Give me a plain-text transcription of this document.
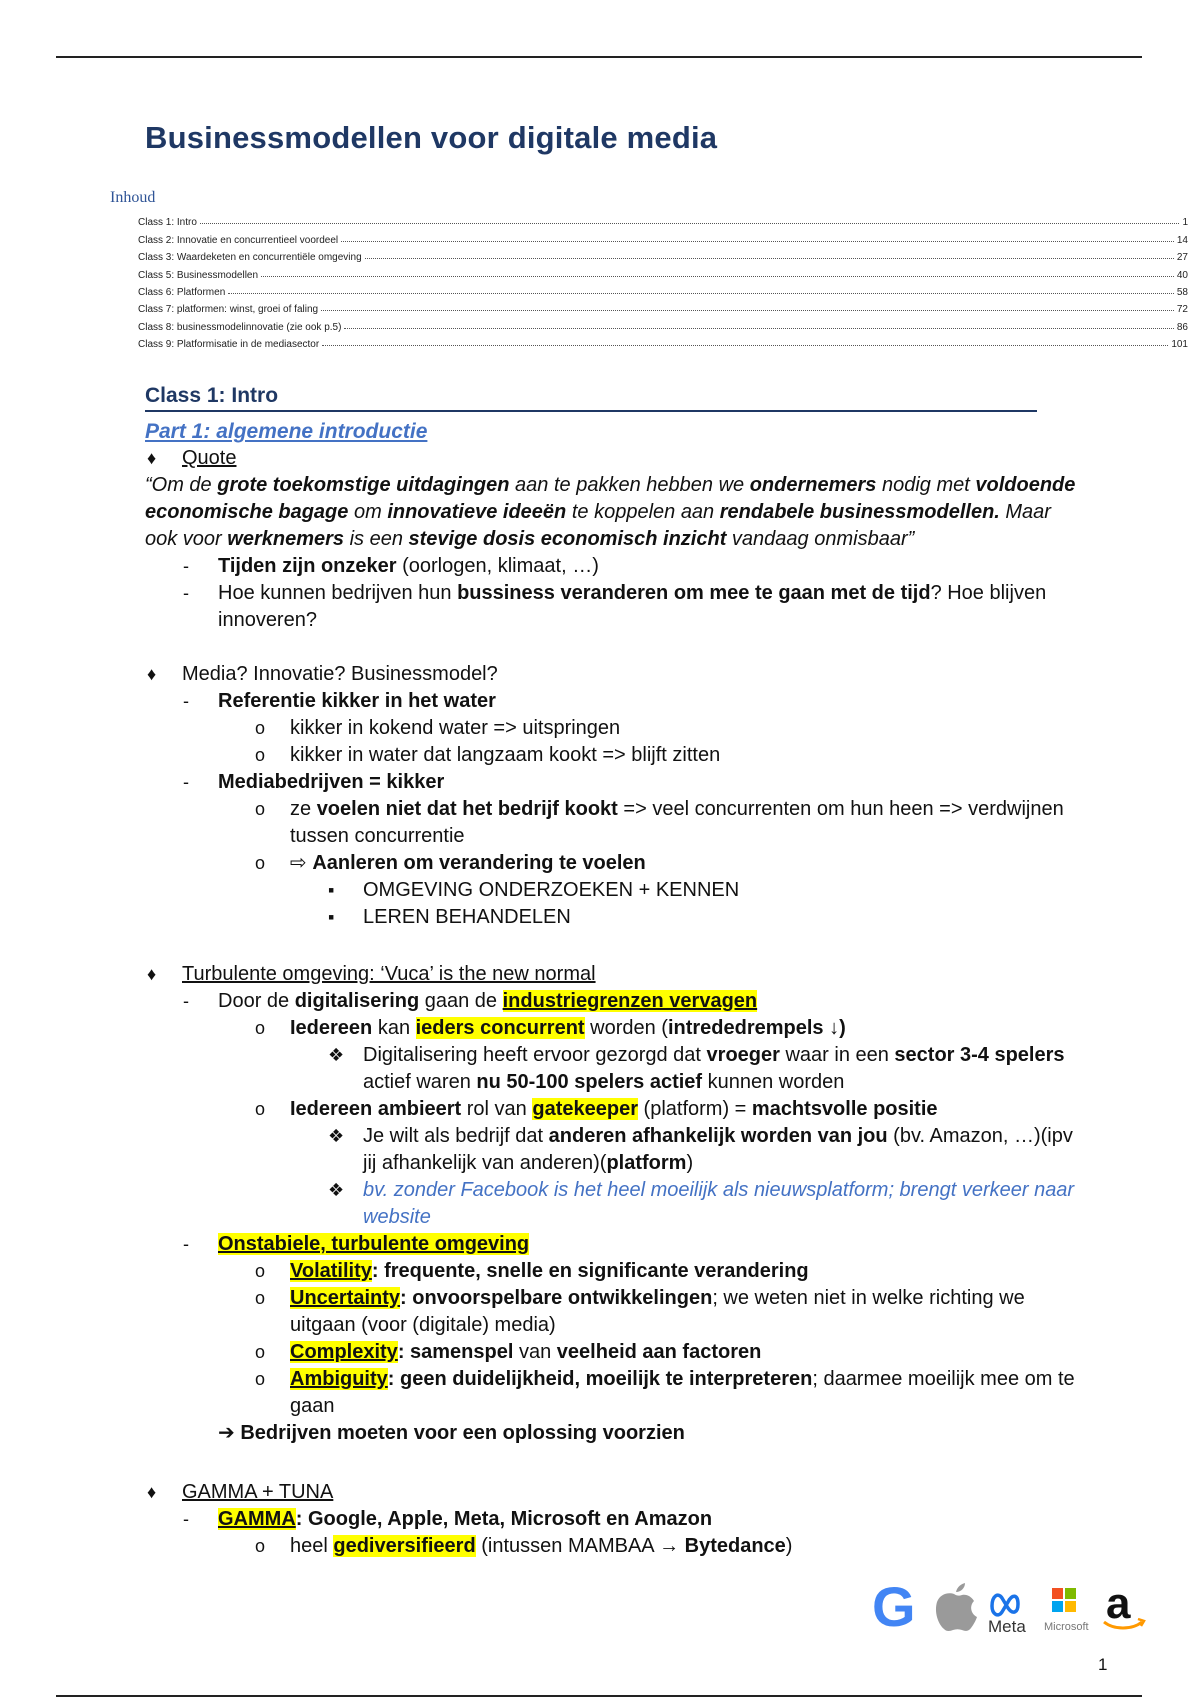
Businessmodellen voor digitale media
Inhoud
Class 1: Intro	1
Class 2: Innovatie en concurrentieel voordeel	14
Class 3: Waardeketen en concurrentiële omgeving	27
Class 5: Businessmodellen	40
Class 6: Platformen	58
Class 7: platformen: winst, groei of faling	72
Class 8: businessmodelinnovatie (zie ook p.5)	86
Class 9: Platformisatie in de mediasector	101
Class 1: Intro
Part 1: algemene introductie
♦ Quote
“Om de grote toekomstige uitdagingen aan te pakken hebben we ondernemers nodig met voldoende economische bagage om innovatieve ideeën te koppelen aan rendabele businessmodellen. Maar ook voor werknemers is een stevige dosis economisch inzicht vandaag onmisbaar”
- Tijden zijn onzeker (oorlogen, klimaat, …)
- Hoe kunnen bedrijven hun bussiness veranderen om mee te gaan met de tijd? Hoe blijven innoveren?
♦ Media? Innovatie? Businessmodel?
- Referentie kikker in het water
o kikker in kokend water => uitspringen
o kikker in water dat langzaam kookt => blijft zitten
- Mediabedrijven = kikker
o ze voelen niet dat het bedrijf kookt => veel concurrenten om hun heen => verdwijnen tussen concurrentie
o ⇨ Aanleren om verandering te voelen
▪ OMGEVING ONDERZOEKEN + KENNEN
▪ LEREN BEHANDELEN
♦ Turbulente omgeving: ‘Vuca’ is the new normal
- Door de digitalisering gaan de industriegrenzen vervagen
o Iedereen kan ieders concurrent worden (intrededrempels ↓)
❖ Digitalisering heeft ervoor gezorgd dat vroeger waar in een sector 3-4 spelers actief waren nu 50-100 spelers actief kunnen worden
o Iedereen ambieert rol van gatekeeper (platform) = machtsvolle positie
❖ Je wilt als bedrijf dat anderen afhankelijk worden van jou (bv. Amazon, …)(ipv jij afhankelijk van anderen)(platform)
❖ bv. zonder Facebook is het heel moeilijk als nieuwsplatform; brengt verkeer naar website
- Onstabiele, turbulente omgeving
o Volatility: frequente, snelle en significante verandering
o Uncertainty: onvoorspelbare ontwikkelingen; we weten niet in welke richting we uitgaan (voor (digitale) media)
o Complexity: samenspel van veelheid aan factoren
o Ambiguity: geen duidelijkheid, moeilijk te interpreteren; daarmee moeilijk mee om te gaan
➔ Bedrijven moeten voor een oplossing voorzien
♦ GAMMA + TUNA
- GAMMA: Google, Apple, Meta, Microsoft en Amazon
o heel gediversifieerd (intussen MAMBAA → Bytedance)
G	Meta Microsoft a
1
